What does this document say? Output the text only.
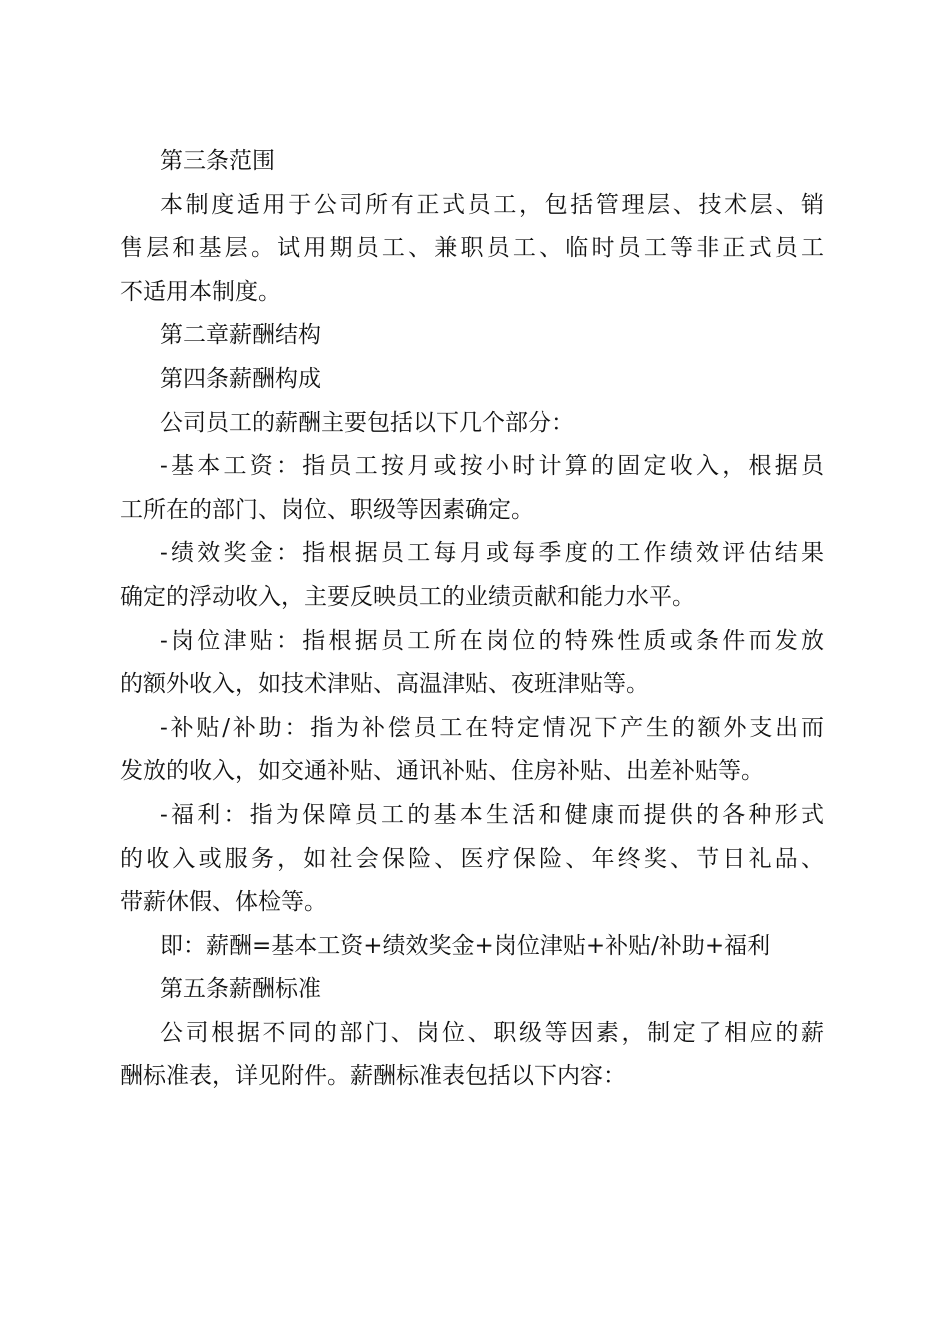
第三条范围
本制度适用于公司所有正式员工，包括管理层、技术层、销
售层和基层。试用期员工、兼职员工、临时员工等非正式员工
不适用本制度。
第二章薪酬结构
第四条薪酬构成
公司员工的薪酬主要包括以下几个部分：
-基本工资：指员工按月或按小时计算的固定收入，根据员
工所在的部门、岗位、职级等因素确定。
-绩效奖金：指根据员工每月或每季度的工作绩效评估结果
确定的浮动收入，主要反映员工的业绩贡献和能力水平。
-岗位津贴：指根据员工所在岗位的特殊性质或条件而发放
的额外收入，如技术津贴、高温津贴、夜班津贴等。
-补贴/补助：指为补偿员工在特定情况下产生的额外支出而
发放的收入，如交通补贴、通讯补贴、住房补贴、出差补贴等。
-福利：指为保障员工的基本生活和健康而提供的各种形式
的收入或服务，如社会保险、医疗保险、年终奖、节日礼品、
带薪休假、体检等。
即：薪酬=基本工资+绩效奖金+岗位津贴+补贴/补助+福利
第五条薪酬标准
公司根据不同的部门、岗位、职级等因素，制定了相应的薪
酬标准表，详见附件。薪酬标准表包括以下内容：
